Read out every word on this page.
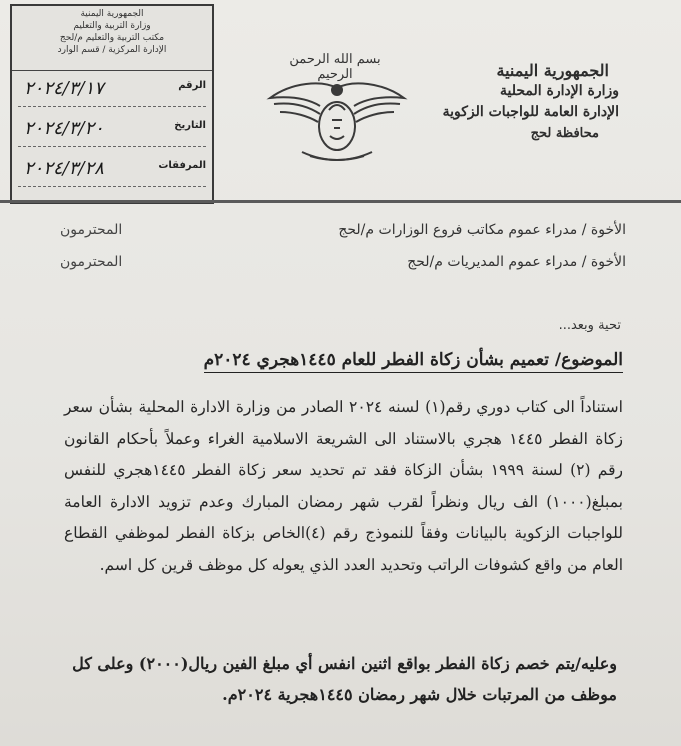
الجمهورية اليمنية
وزارة التربية والتعليم
مكتب التربية والتعليم م/لحج
الإدارة المركزية / قسم الوارد
الرقم
٢٠٢٤/٣/١٧
التاريخ
٢٠٢٤/٣/٢٠
المرفقات
٢٠٢٤/٣/٢٨
بسم الله الرحمن الرحيم	الجمهورية اليمنية
وزارة الإدارة المحلية
الإدارة العامة للواجبات الزكوية
محافظة لحج
الأخوة / مدراء عموم مكاتب فروع الوزارات م/لحج
المحترمون
الأخوة / مدراء عموم المديريات م/لحج
المحترمون
تحية وبعد...
الموضوع/ تعميم بشأن زكاة الفطر للعام ١٤٤٥هجري ٢٠٢٤م

استناداً الى كتاب دوري رقم(١) لسنه ٢٠٢٤ الصادر من وزارة الادارة المحلية بشأن سعر زكاة الفطر ١٤٤٥ هجري بالاستناد الى الشريعة الاسلامية الغراء وعملاً بأحكام القانون رقم (٢) لسنة ١٩٩٩ بشأن الزكاة فقد تم تحديد سعر زكاة الفطر ١٤٤٥هجري للنفس بمبلغ(١٠٠٠) الف ريال ونظراً لقرب شهر رمضان المبارك وعدم تزويد الادارة العامة للواجبات الزكوية بالبيانات وفقاً للنموذج رقم (٤)الخاص بزكاة الفطر لموظفي القطاع العام من واقع كشوفات الراتب وتحديد العدد الذي يعوله كل موظف قرين كل اسم.

وعليه/يتم خصم زكاة الفطر بواقع اثنين انفس أي مبلغ الفين ريال(٢٠٠٠) وعلى كل موظف من المرتبات خلال شهر رمضان ١٤٤٥هجرية ٢٠٢٤م.
